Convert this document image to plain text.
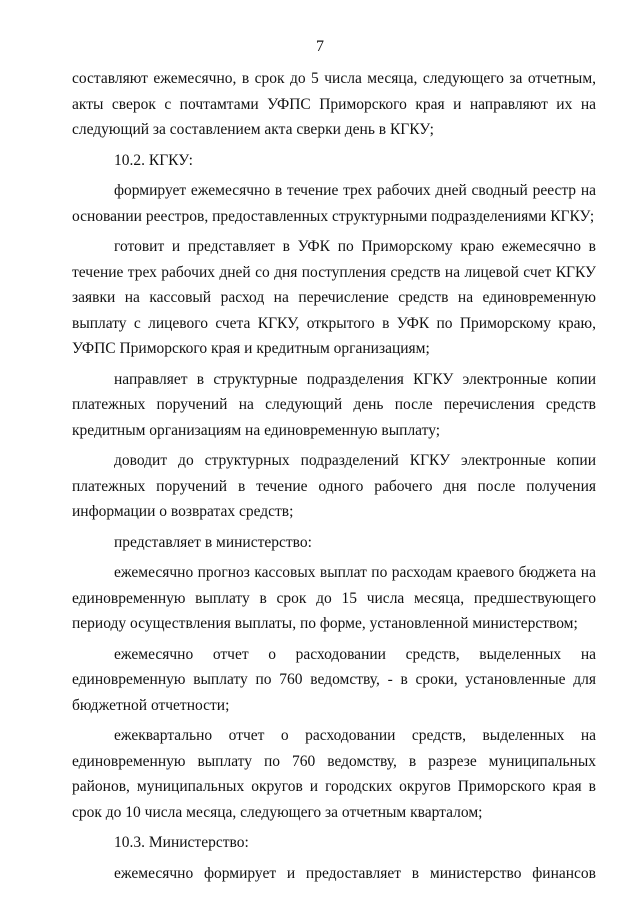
7

составляют ежемесячно, в срок до 5 числа месяца, следующего за отчетным, акты сверок с почтамтами УФПС Приморского края и направляют их на следующий за составлением акта сверки день в КГКУ;

10.2. КГКУ:

формирует ежемесячно в течение трех рабочих дней сводный реестр на основании реестров, предоставленных структурными подразделениями КГКУ;

готовит и представляет в УФК по Приморскому краю ежемесячно в течение трех рабочих дней со дня поступления средств на лицевой счет КГКУ заявки на кассовый расход на перечисление средств на единовременную выплату с лицевого счета КГКУ, открытого в УФК по Приморскому краю, УФПС Приморского края и кредитным организациям;

направляет в структурные подразделения КГКУ электронные копии платежных поручений на следующий день после перечисления средств кредитным организациям на единовременную выплату;

доводит до структурных подразделений КГКУ электронные копии платежных поручений в течение одного рабочего дня после получения информации о возвратах средств;

представляет в министерство:

ежемесячно прогноз кассовых выплат по расходам краевого бюджета на единовременную выплату в срок до 15 числа месяца, предшествующего периоду осуществления выплаты, по форме, установленной министерством;

ежемесячно отчет о расходовании средств, выделенных на единовременную выплату по 760 ведомству, - в сроки, установленные для бюджетной отчетности;

ежеквартально отчет о расходовании средств, выделенных на единовременную выплату по 760 ведомству, в разрезе муниципальных районов, муниципальных округов и городских округов Приморского края в срок до 10 числа месяца, следующего за отчетным кварталом;

10.3. Министерство:

ежемесячно формирует и предоставляет в министерство финансов
